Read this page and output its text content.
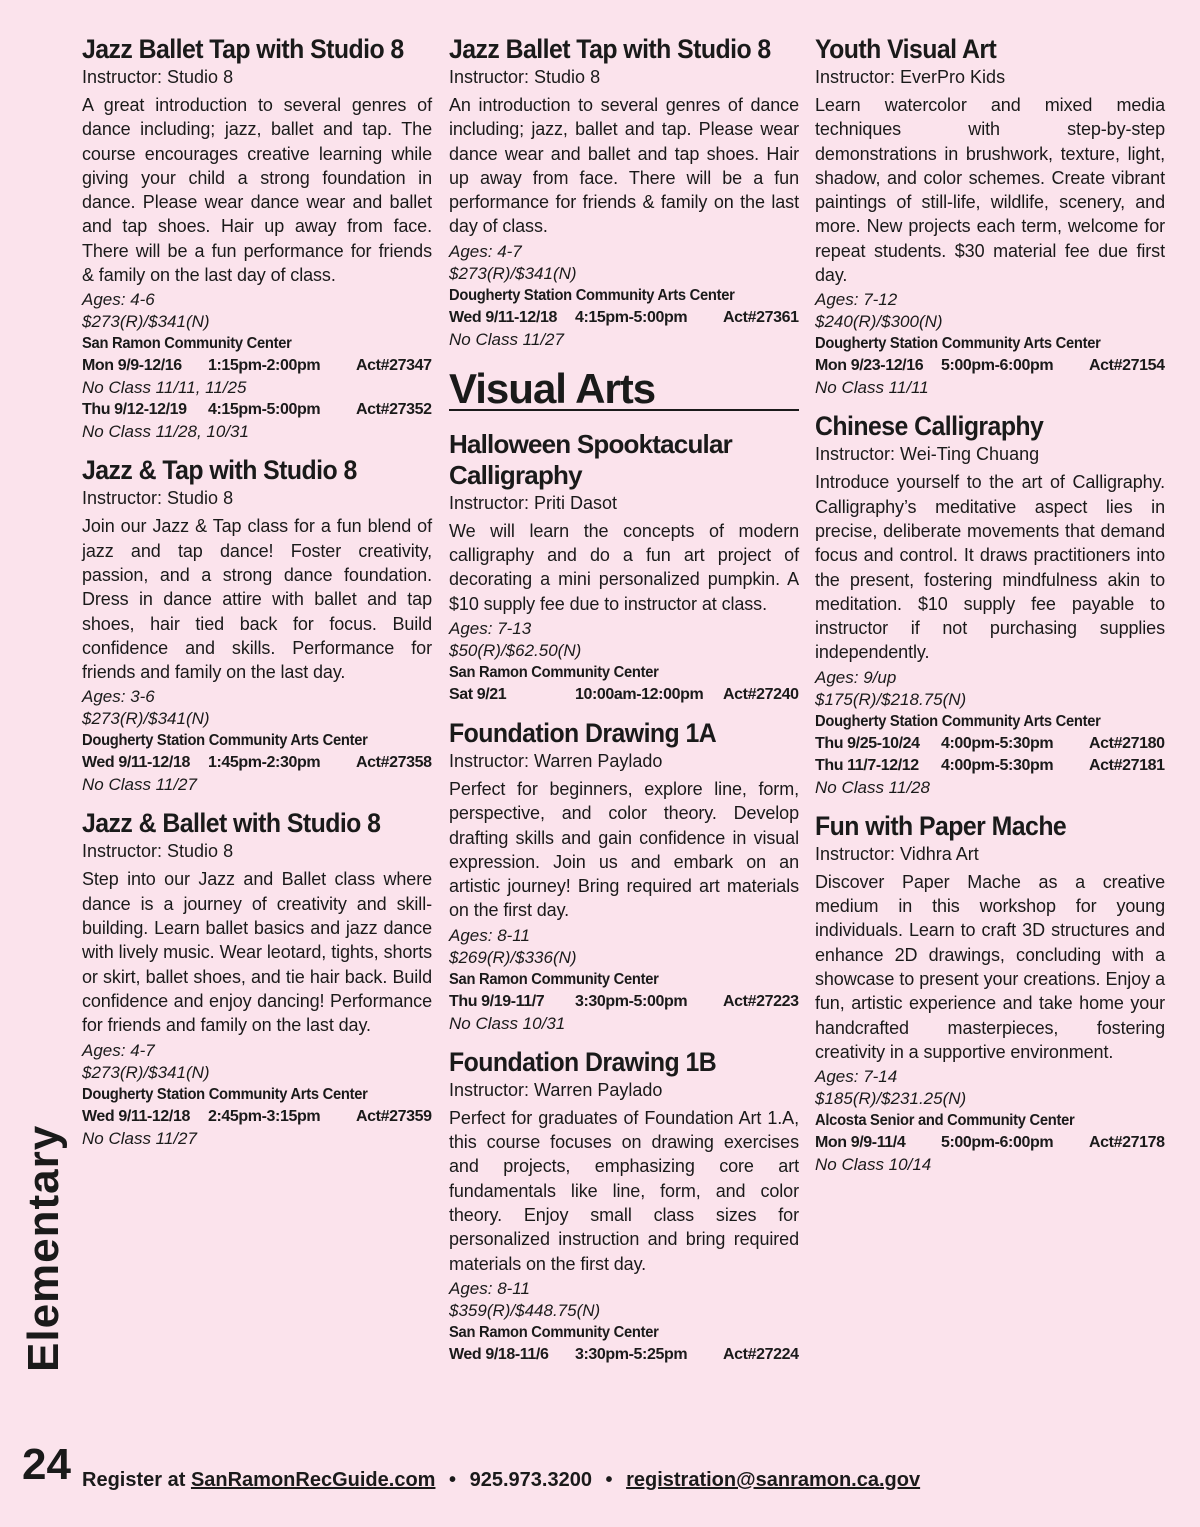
Jazz Ballet Tap with Studio 8
Instructor: Studio 8
A great introduction to several genres of dance including; jazz, ballet and tap. The course encourages creative learning while giving your child a strong foundation in dance. Please wear dance wear and ballet and tap shoes. Hair up away from face. There will be a fun performance for friends & family on the last day of class.
Ages: 4-6
$273(R)/$341(N)
San Ramon Community Center
Mon 9/9-12/16 1:15pm-2:00pm Act#27347
No Class 11/11, 11/25
Thu 9/12-12/19 4:15pm-5:00pm Act#27352
No Class 11/28, 10/31
Jazz & Tap with Studio 8
Instructor: Studio 8
Join our Jazz & Tap class for a fun blend of jazz and tap dance! Foster creativity, passion, and a strong dance foundation. Dress in dance attire with ballet and tap shoes, hair tied back for focus. Build confidence and skills. Performance for friends and family on the last day.
Ages: 3-6
$273(R)/$341(N)
Dougherty Station Community Arts Center
Wed 9/11-12/18 1:45pm-2:30pm Act#27358
No Class 11/27
Jazz & Ballet with Studio 8
Instructor: Studio 8
Step into our Jazz and Ballet class where dance is a journey of creativity and skill-building. Learn ballet basics and jazz dance with lively music. Wear leotard, tights, shorts or skirt, ballet shoes, and tie hair back. Build confidence and enjoy dancing! Performance for friends and family on the last day.
Ages: 4-7
$273(R)/$341(N)
Dougherty Station Community Arts Center
Wed 9/11-12/18 2:45pm-3:15pm Act#27359
No Class 11/27
Jazz Ballet Tap with Studio 8
Instructor: Studio 8
An introduction to several genres of dance including; jazz, ballet and tap. Please wear dance wear and ballet and tap shoes. Hair up away from face. There will be a fun performance for friends & family on the last day of class.
Ages: 4-7
$273(R)/$341(N)
Dougherty Station Community Arts Center
Wed 9/11-12/18 4:15pm-5:00pm Act#27361
No Class 11/27
Visual Arts
Halloween Spooktacular Calligraphy
Instructor: Priti Dasot
We will learn the concepts of modern calligraphy and do a fun art project of decorating a mini personalized pumpkin. A $10 supply fee due to instructor at class.
Ages: 7-13
$50(R)/$62.50(N)
San Ramon Community Center
Sat 9/21	10:00am-12:00pm Act#27240
Foundation Drawing 1A
Instructor: Warren Paylado
Perfect for beginners, explore line, form, perspective, and color theory. Develop drafting skills and gain confidence in visual expression. Join us and embark on an artistic journey! Bring required art materials on the first day.
Ages: 8-11
$269(R)/$336(N)
San Ramon Community Center
Thu 9/19-11/7 3:30pm-5:00pm Act#27223
No Class 10/31
Foundation Drawing 1B
Instructor: Warren Paylado
Perfect for graduates of Foundation Art 1.A, this course focuses on drawing exercises and projects, emphasizing core art fundamentals like line, form, and color theory. Enjoy small class sizes for personalized instruction and bring required materials on the first day.
Ages: 8-11
$359(R)/$448.75(N)
San Ramon Community Center
Wed 9/18-11/6 3:30pm-5:25pm Act#27224
Youth Visual Art
Instructor: EverPro Kids
Learn watercolor and mixed media techniques with step-by-step demonstrations in brushwork, texture, light, shadow, and color schemes. Create vibrant paintings of still-life, wildlife, scenery, and more. New projects each term, welcome for repeat students. $30 material fee due first day.
Ages: 7-12
$240(R)/$300(N)
Dougherty Station Community Arts Center
Mon 9/23-12/16 5:00pm-6:00pm Act#27154
No Class 11/11
Chinese Calligraphy
Instructor: Wei-Ting Chuang
Introduce yourself to the art of Calligraphy. Calligraphy’s meditative aspect lies in precise, deliberate movements that demand focus and control. It draws practitioners into the present, fostering mindfulness akin to meditation. $10 supply fee payable to instructor if not purchasing supplies independently.
Ages: 9/up
$175(R)/$218.75(N)
Dougherty Station Community Arts Center
Thu 9/25-10/24 4:00pm-5:30pm Act#27180
Thu 11/7-12/12 4:00pm-5:30pm Act#27181
No Class 11/28
Fun with Paper Mache
Instructor: Vidhra Art
Discover Paper Mache as a creative medium in this workshop for young individuals. Learn to craft 3D structures and enhance 2D drawings, concluding with a showcase to present your creations. Enjoy a fun, artistic experience and take home your handcrafted masterpieces, fostering creativity in a supportive environment.
Ages: 7-14
$185(R)/$231.25(N)
Alcosta Senior and Community Center
Mon 9/9-11/4 5:00pm-6:00pm Act#27178
No Class 10/14
Elementary
24 Register at SanRamonRecGuide.com • 925.973.3200 • registration@sanramon.ca.gov
